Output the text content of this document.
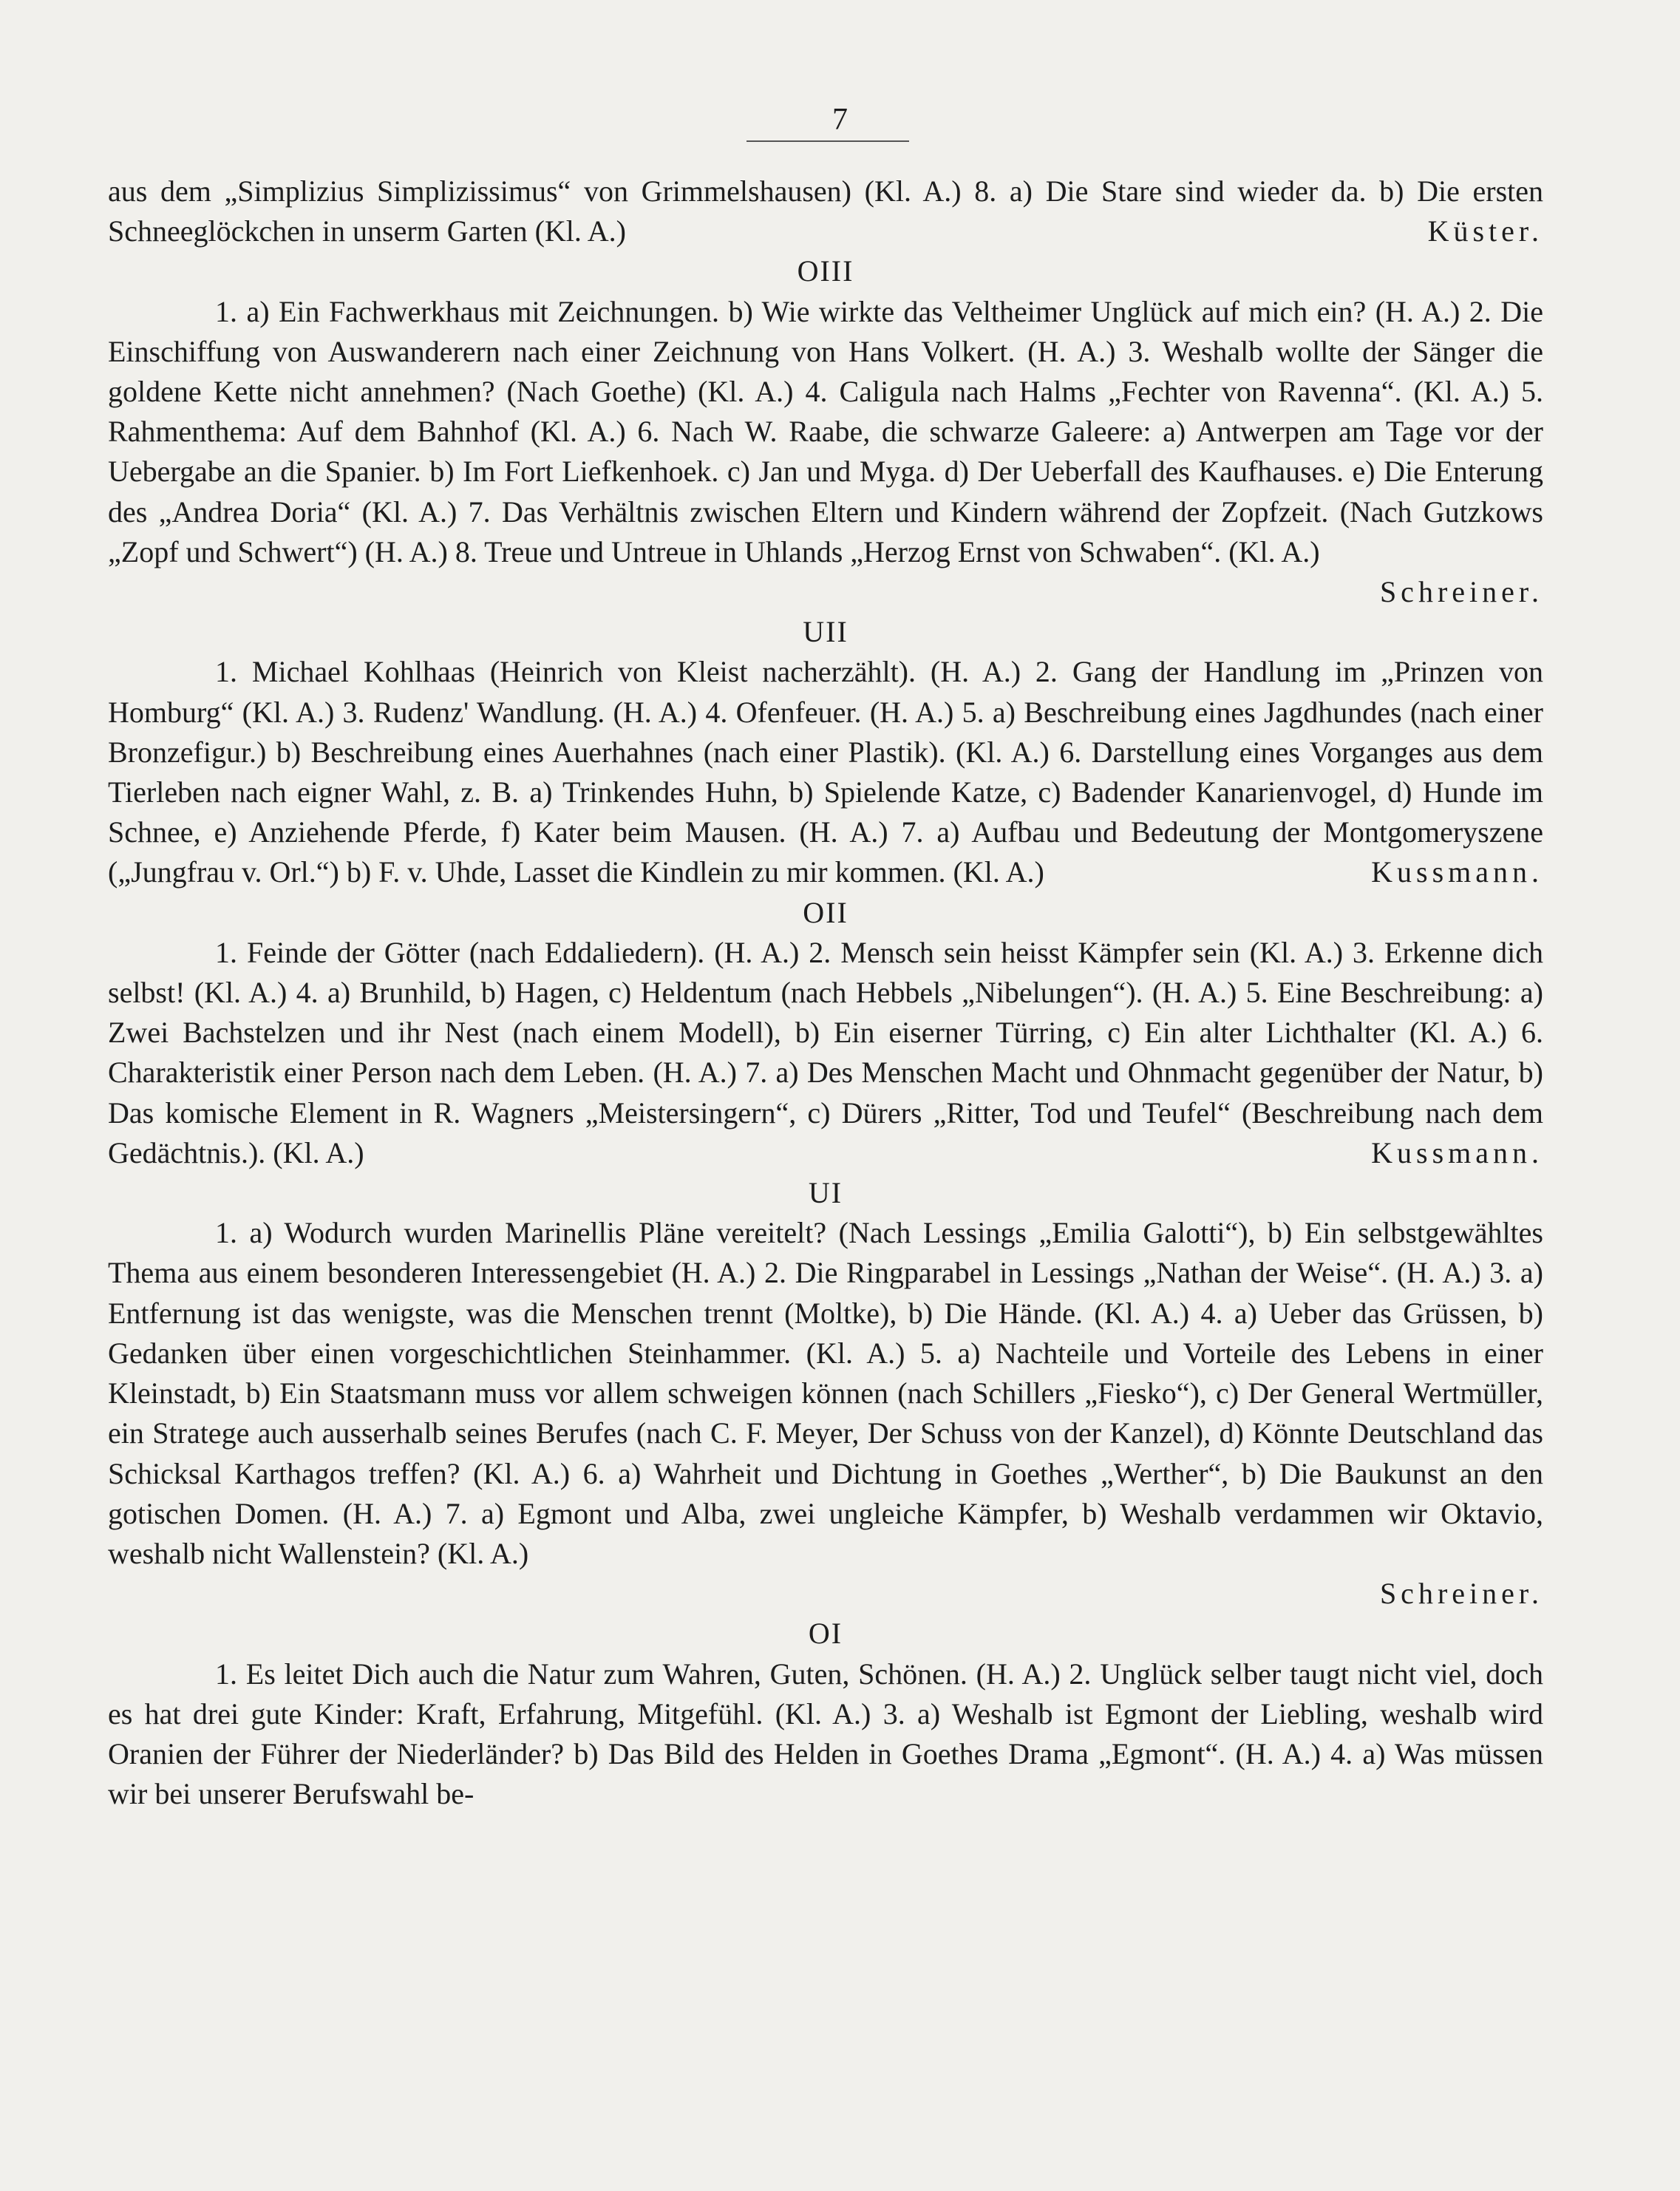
7

aus dem „Simplizius Simplizissimus“ von Grimmelshausen) (Kl. A.) 8. a) Die Stare sind wieder da. b) Die ersten Schneeglöckchen in unserm Garten (Kl. A.)	Küster.

OIII

1. a) Ein Fachwerkhaus mit Zeichnungen. b) Wie wirkte das Veltheimer Unglück auf mich ein? (H. A.) 2. Die Einschiffung von Auswanderern nach einer Zeichnung von Hans Volkert. (H. A.) 3. Weshalb wollte der Sänger die goldene Kette nicht annehmen? (Nach Goethe) (Kl. A.) 4. Caligula nach Halms „Fechter von Ravenna“. (Kl. A.) 5. Rahmenthema: Auf dem Bahnhof (Kl. A.) 6. Nach W. Raabe, die schwarze Galeere: a) Antwerpen am Tage vor der Uebergabe an die Spanier. b) Im Fort Liefkenhoek. c) Jan und Myga. d) Der Ueberfall des Kaufhauses. e) Die Enterung des „Andrea Doria“ (Kl. A.) 7. Das Verhältnis zwischen Eltern und Kindern während der Zopfzeit. (Nach Gutzkows „Zopf und Schwert“) (H. A.) 8. Treue und Untreue in Uhlands „Herzog Ernst von Schwaben“. (Kl. A.)
Schreiner.

UII

1. Michael Kohlhaas (Heinrich von Kleist nacherzählt). (H. A.) 2. Gang der Handlung im „Prinzen von Homburg“ (Kl. A.) 3. Rudenz' Wandlung. (H. A.) 4. Ofenfeuer. (H. A.) 5. a) Beschreibung eines Jagdhundes (nach einer Bronzefigur.) b) Beschreibung eines Auerhahnes (nach einer Plastik). (Kl. A.) 6. Darstellung eines Vorganges aus dem Tierleben nach eigner Wahl, z. B. a) Trinkendes Huhn, b) Spielende Katze, c) Badender Kanarienvogel, d) Hunde im Schnee, e) Anziehende Pferde, f) Kater beim Mausen. (H. A.) 7. a) Aufbau und Bedeutung der Montgomeryszene („Jungfrau v. Orl.“) b) F. v. Uhde, Lasset die Kindlein zu mir kommen. (Kl. A.)	Kussmann.

OII

1. Feinde der Götter (nach Eddaliedern). (H. A.) 2. Mensch sein heisst Kämpfer sein (Kl. A.) 3. Erkenne dich selbst! (Kl. A.) 4. a) Brunhild, b) Hagen, c) Heldentum (nach Hebbels „Nibelungen“). (H. A.) 5. Eine Beschreibung: a) Zwei Bachstelzen und ihr Nest (nach einem Modell), b) Ein eiserner Türring, c) Ein alter Lichthalter (Kl. A.) 6. Charakteristik einer Person nach dem Leben. (H. A.) 7. a) Des Menschen Macht und Ohnmacht gegenüber der Natur, b) Das komische Element in R. Wagners „Meistersingern“, c) Dürers „Ritter, Tod und Teufel“ (Beschreibung nach dem Gedächtnis.). (Kl. A.)	Kussmann.

UI

1. a) Wodurch wurden Marinellis Pläne vereitelt? (Nach Lessings „Emilia Galotti“), b) Ein selbstgewähltes Thema aus einem besonderen Interessengebiet (H. A.) 2. Die Ringparabel in Lessings „Nathan der Weise“. (H. A.) 3. a) Entfernung ist das wenigste, was die Menschen trennt (Moltke), b) Die Hände. (Kl. A.) 4. a) Ueber das Grüssen, b) Gedanken über einen vorgeschichtlichen Steinhammer. (Kl. A.) 5. a) Nachteile und Vorteile des Lebens in einer Kleinstadt, b) Ein Staatsmann muss vor allem schweigen können (nach Schillers „Fiesko“), c) Der General Wertmüller, ein Stratege auch ausserhalb seines Berufes (nach C. F. Meyer, Der Schuss von der Kanzel), d) Könnte Deutschland das Schicksal Karthagos treffen? (Kl. A.) 6. a) Wahrheit und Dichtung in Goethes „Werther“, b) Die Baukunst an den gotischen Domen. (H. A.) 7. a) Egmont und Alba, zwei ungleiche Kämpfer, b) Weshalb verdammen wir Oktavio, weshalb nicht Wallenstein? (Kl. A.)

Schreiner.

OI

1. Es leitet Dich auch die Natur zum Wahren, Guten, Schönen. (H. A.) 2. Unglück selber taugt nicht viel, doch es hat drei gute Kinder: Kraft, Erfahrung, Mitgefühl. (Kl. A.) 3. a) Weshalb ist Egmont der Liebling, weshalb wird Oranien der Führer der Niederländer? b) Das Bild des Helden in Goethes Drama „Egmont“. (H. A.) 4. a) Was müssen wir bei unserer Berufswahl be-
